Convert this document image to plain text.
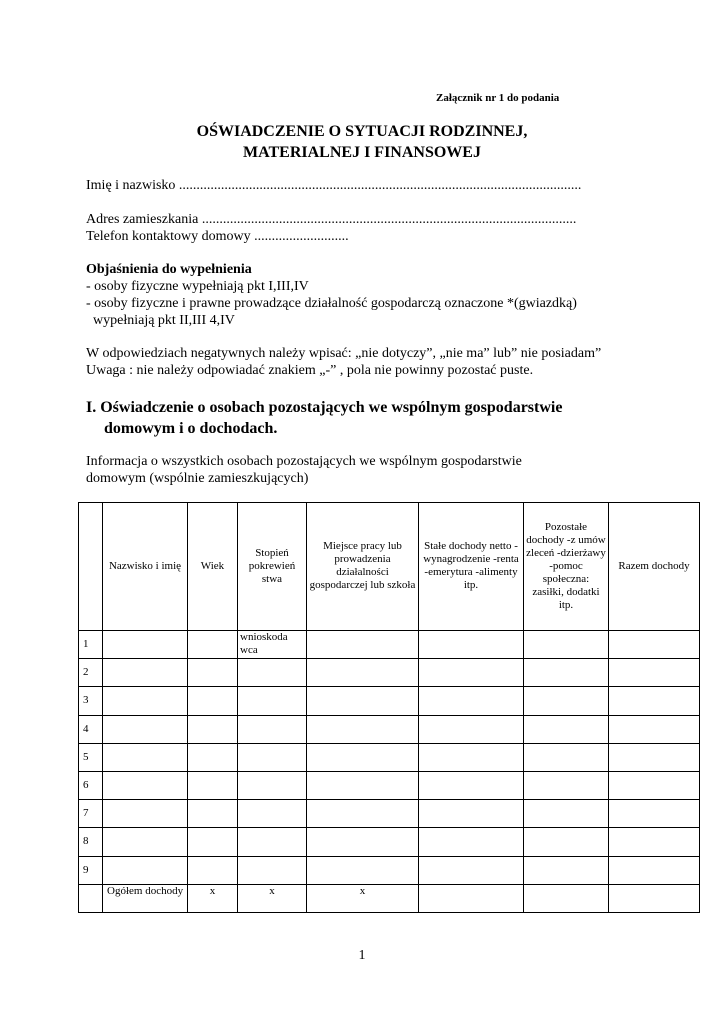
Załącznik nr 1 do podania
OŚWIADCZENIE O SYTUACJI RODZINNEJ,
MATERIALNEJ I FINANSOWEJ
Imię i nazwisko ...................................................................................................................
Adres zamieszkania ...........................................................................................................
Telefon kontaktowy domowy ...........................
Objaśnienia do wypełnienia
- osoby fizyczne wypełniają pkt I,III,IV
- osoby fizyczne i prawne prowadzące działalność gospodarczą oznaczone *(gwiazdką)
wypełniają pkt II,III 4,IV
W odpowiedziach negatywnych należy wpisać: „nie dotyczy”, „nie ma” lub” nie posiadam”
Uwaga : nie należy odpowiadać znakiem „-” , pola nie powinny pozostać puste.
I. Oświadczenie o osobach pozostających we wspólnym gospodarstwie
domowym i o dochodach.
Informacja o wszystkich osobach pozostających we wspólnym gospodarstwie
domowym (wspólnie zamieszkujących)
	Nazwisko i imię	Wiek	Stopień pokrewień stwa	Miejsce pracy lub prowadzenia działalności gospodarczej lub szkoła	Stałe dochody netto -wynagrodzenie -renta -emerytura -alimenty itp.	Pozostałe dochody -z umów zleceń -dzierżawy -pomoc społeczna: zasiłki, dodatki itp.	Razem dochody
1			wnioskoda wca				
2							
3							
4							
5							
6							
7							
8							
9							
	Ogółem dochody	x	x	x			
1
